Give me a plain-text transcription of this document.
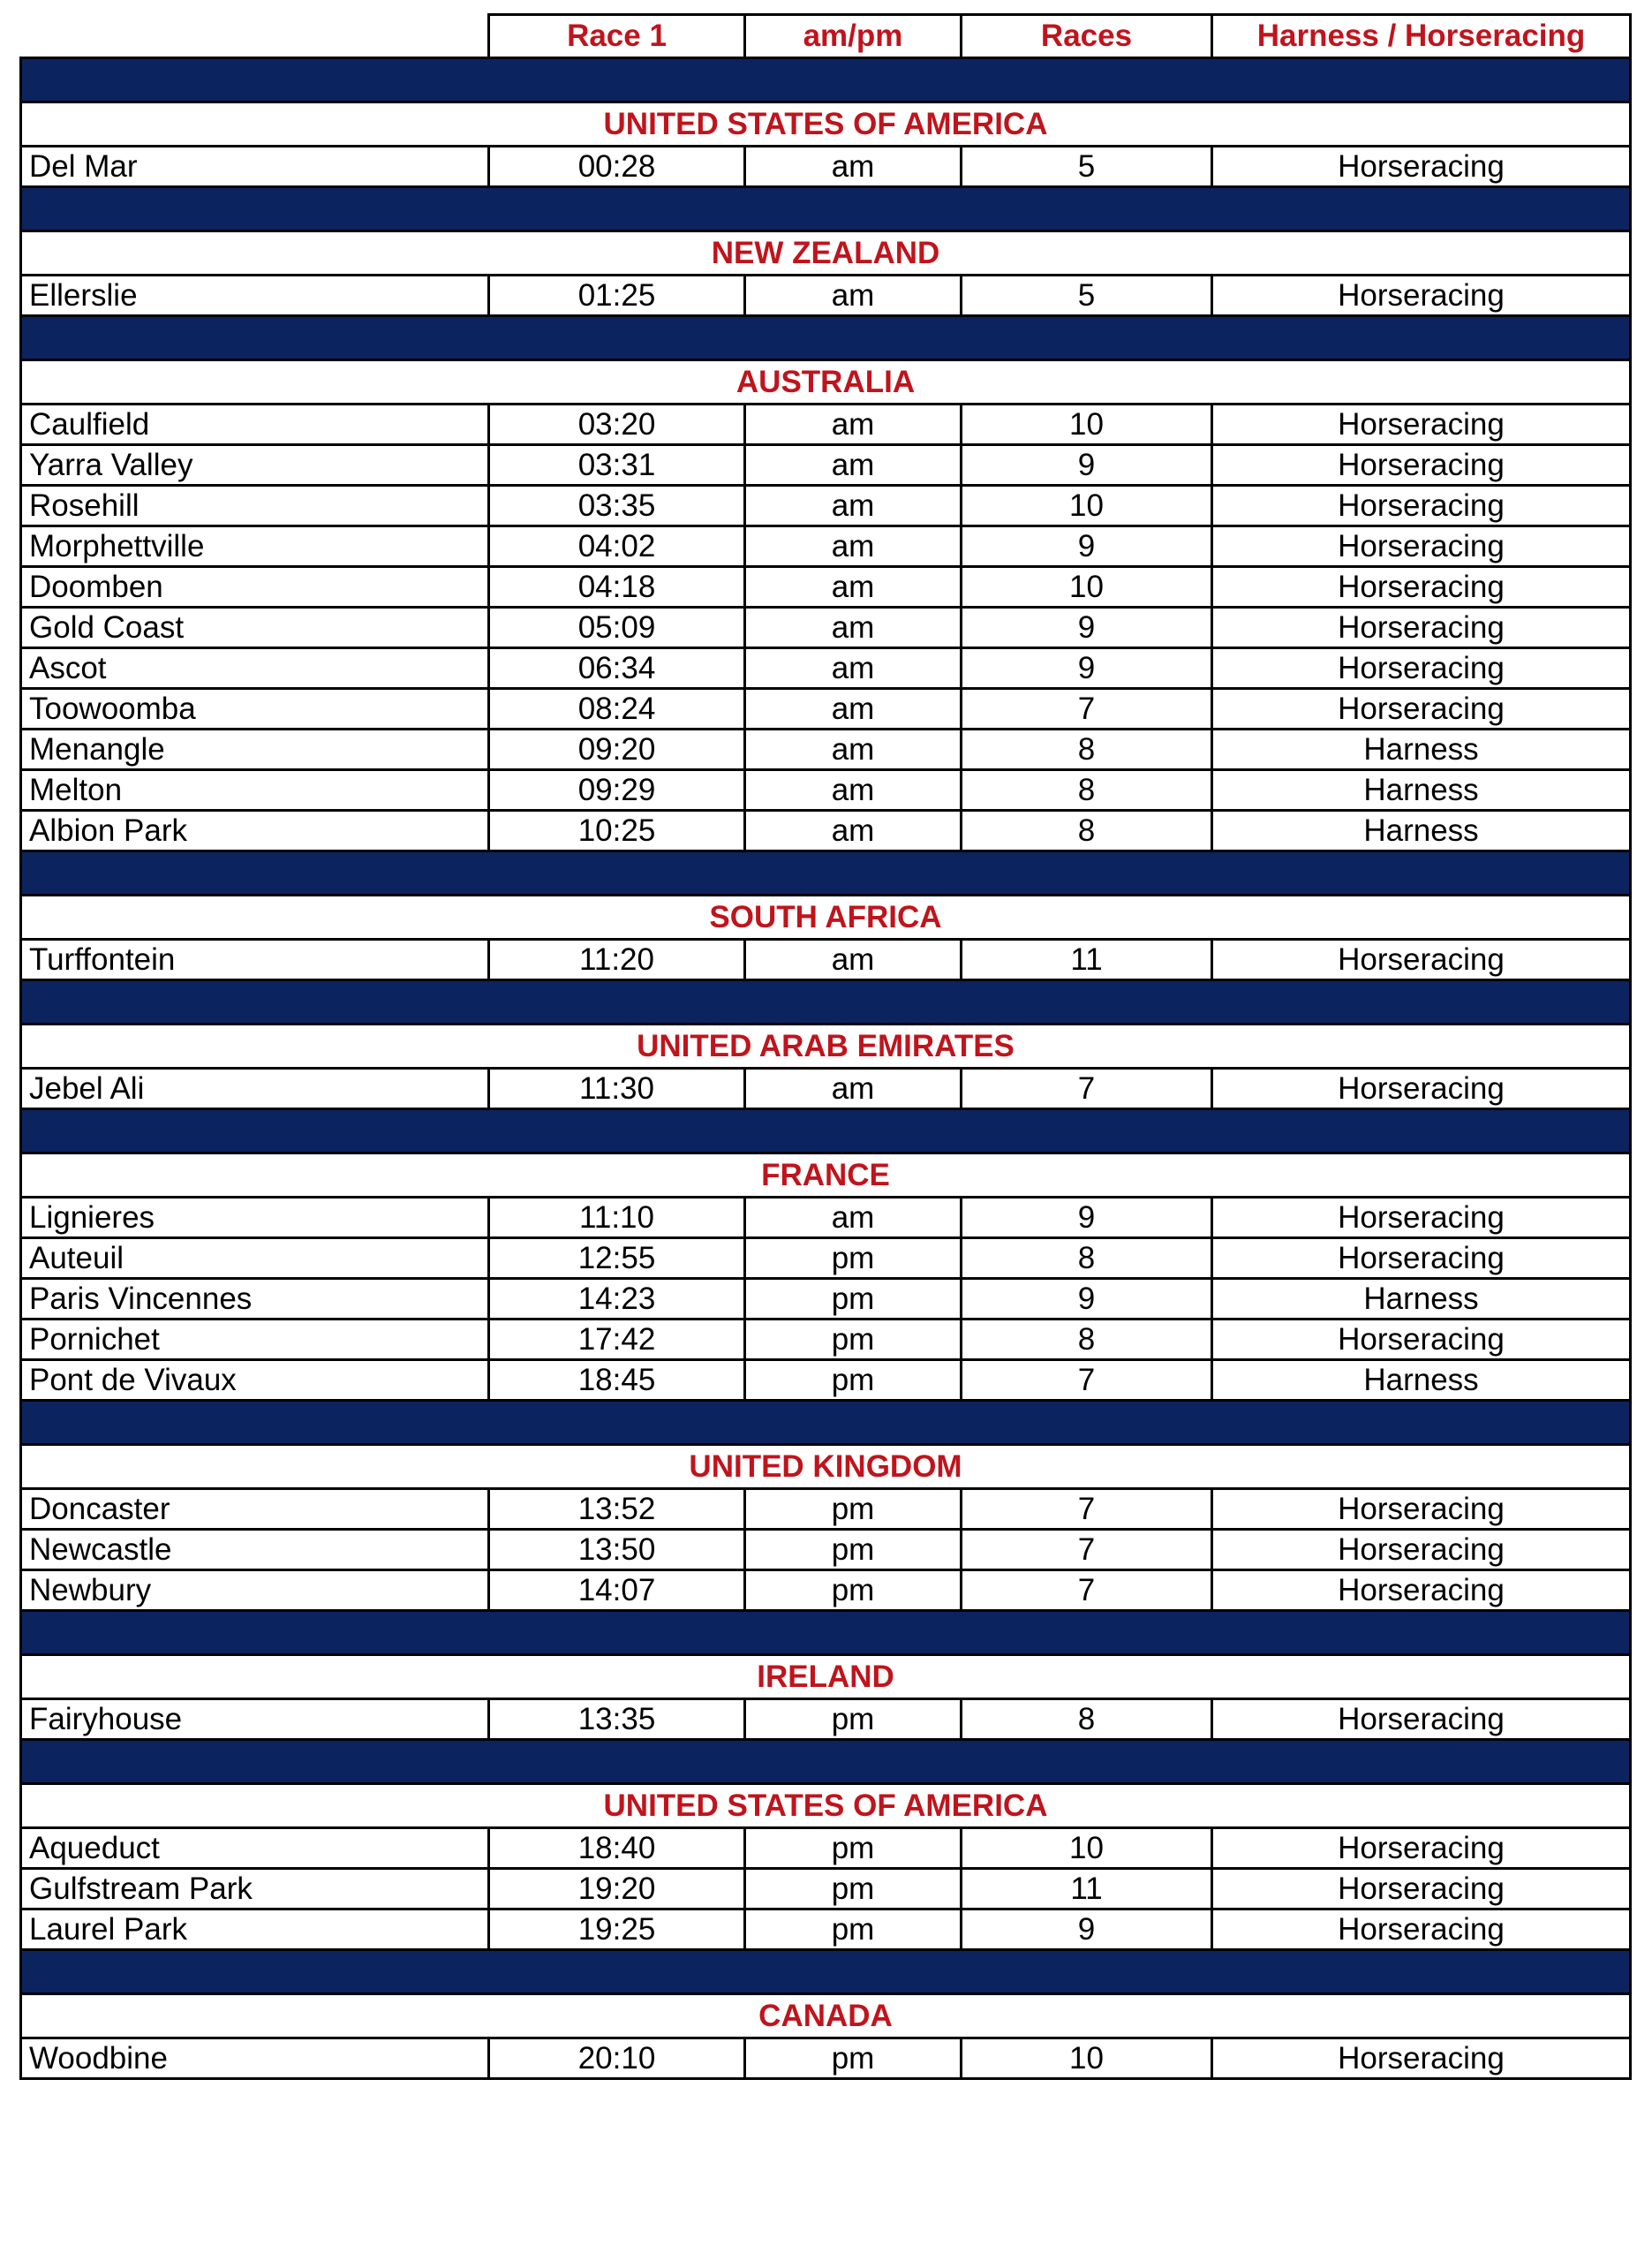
	Race 1	am/pm	Races	Harness / Horseracing

UNITED STATES OF AMERICA				
Del Mar	00:28	am	5	Horseracing

NEW ZEALAND				
Ellerslie	01:25	am	5	Horseracing

AUSTRALIA				
Caulfield	03:20	am	10	Horseracing
Yarra Valley	03:31	am	9	Horseracing
Rosehill	03:35	am	10	Horseracing
Morphettville	04:02	am	9	Horseracing
Doomben	04:18	am	10	Horseracing
Gold Coast	05:09	am	9	Horseracing
Ascot	06:34	am	9	Horseracing
Toowoomba	08:24	am	7	Horseracing
Menangle	09:20	am	8	Harness
Melton	09:29	am	8	Harness
Albion Park	10:25	am	8	Harness

SOUTH AFRICA				
Turffontein	11:20	am	11	Horseracing

UNITED ARAB EMIRATES				
Jebel Ali	11:30	am	7	Horseracing

FRANCE				
Lignieres	11:10	am	9	Horseracing
Auteuil	12:55	pm	8	Horseracing
Paris Vincennes	14:23	pm	9	Harness
Pornichet	17:42	pm	8	Horseracing
Pont de Vivaux	18:45	pm	7	Harness

UNITED KINGDOM				
Doncaster	13:52	pm	7	Horseracing
Newcastle	13:50	pm	7	Horseracing
Newbury	14:07	pm	7	Horseracing

IRELAND				
Fairyhouse	13:35	pm	8	Horseracing

UNITED STATES OF AMERICA				
Aqueduct	18:40	pm	10	Horseracing
Gulfstream Park	19:20	pm	11	Horseracing
Laurel Park	19:25	pm	9	Horseracing

CANADA				
Woodbine	20:10	pm	10	Horseracing
